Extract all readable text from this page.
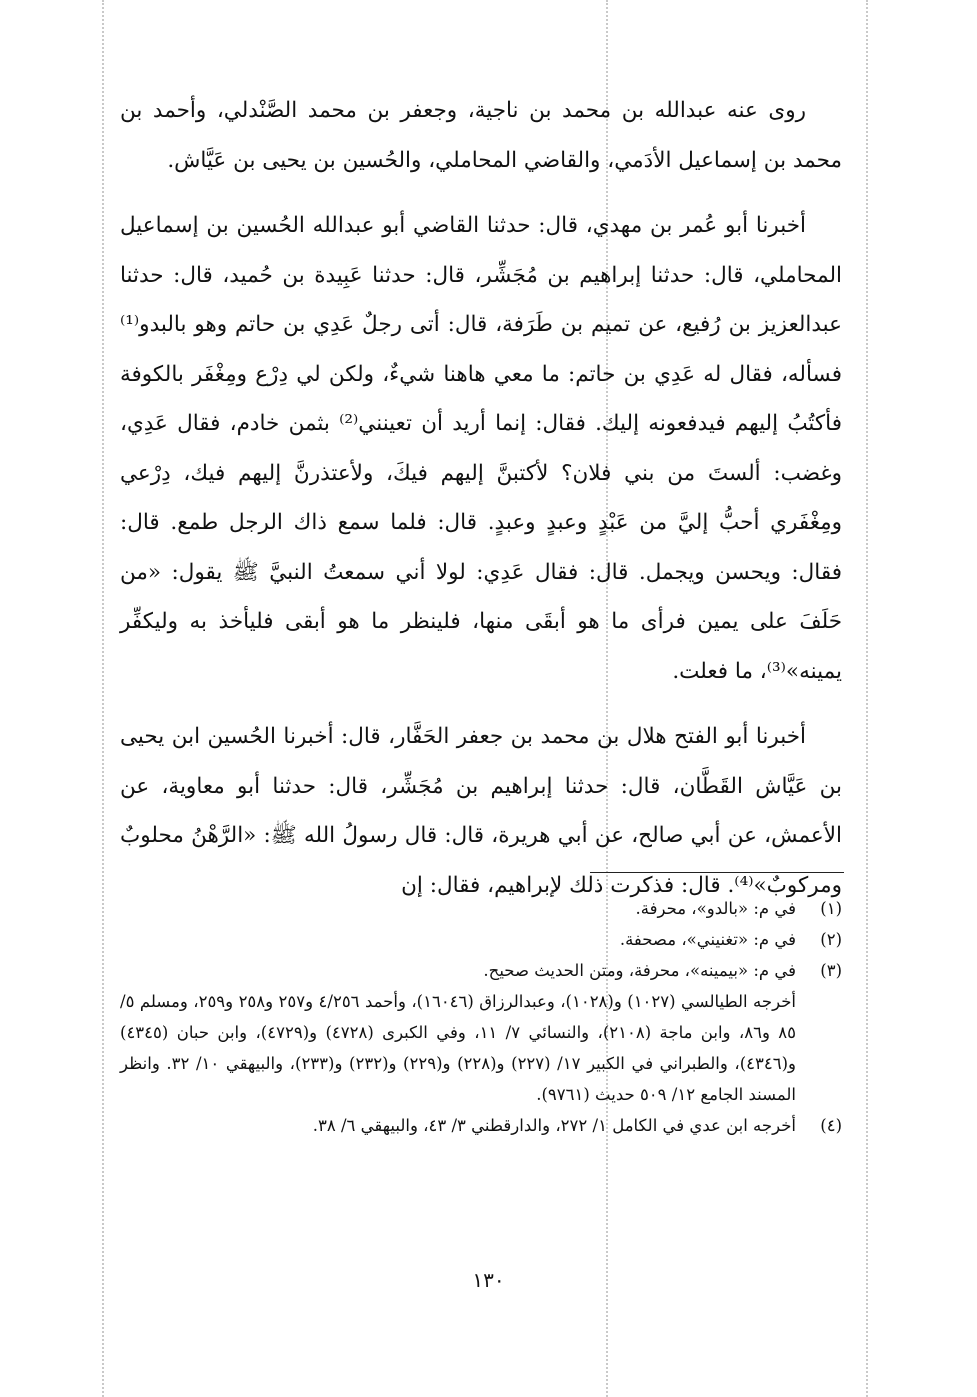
روى عنه عبدالله بن محمد بن ناجية، وجعفر بن محمد الصَّنْدلي، وأحمد بن محمد بن إسماعيل الأدَمي، والقاضي المحاملي، والحُسين بن يحيى بن عَيَّاش.

أخبرنا أبو عُمر بن مهدي، قال: حدثنا القاضي أبو عبدالله الحُسين بن إسماعيل المحاملي، قال: حدثنا إبراهيم بن مُجَشِّر، قال: حدثنا عَبِيدة بن حُميد، قال: حدثنا عبدالعزيز بن رُفيع، عن تميم بن طَرَفة، قال: أتى رجلٌ عَدِي بن حاتم وهو بالبدو⁽¹⁾ فسأله، فقال له عَدِي بن حاتم: ما معي هاهنا شيءٌ، ولكن لي دِرْع ومِغْفَر بالكوفة فأكتُبُ إليهم فيدفعونه إليك. فقال: إنما أريد أن تعينني⁽²⁾ بثمن خادم، فقال عَدِي، وغضب: ألستَ من بني فلان؟ لأكتبنَّ إليهم فيكَ، ولأعتذرنَّ إليهم فيك، دِرْعي ومِغْفَري أحبُّ إليَّ من عَبْدٍ وعبدٍ وعبدٍ. قال: فلما سمع ذاك الرجل طمع. قال: فقال: ويحسن ويجمل. قال: فقال عَدِي: لولا أني سمعتُ النبيَّ ﷺ يقول: «من حَلَفَ على يمين فرأى ما هو أبقَى منها، فلينظر ما هو أبقى فليأخذ به وليكفِّر يمينه»⁽³⁾، ما فعلت.

أخبرنا أبو الفتح هلال بن محمد بن جعفر الحَفَّار، قال: أخبرنا الحُسين ابن يحيى بن عَيَّاش القَطَّان، قال: حدثنا إبراهيم بن مُجَشِّر، قال: حدثنا أبو معاوية، عن الأعمش، عن أبي صالح، عن أبي هريرة، قال: قال رسولُ الله ﷺ: «الرَّهْنُ محلوبٌ ومركوبٌ»⁽⁴⁾. قال: فذكرت ذلك لإبراهيم، فقال: إن

(١)
في م: «بالدو»، محرفة.
(٢)
في م: «تغنيني»، مصحفة.
(٣)
في م: «بيمينه»، محرفة، ومتن الحديث صحيح.
أخرجه الطيالسي (١٠٢٧) و(١٠٢٨)، وعبدالرزاق (١٦٠٤٦)، وأحمد ٤/٢٥٦ و٢٥٧ و٢٥٨ و٢٥٩، ومسلم ٥/ ٨٥ و٨٦، وابن ماجة (٢١٠٨)، والنسائي ٧/ ١١، وفي الكبرى (٤٧٢٨) و(٤٧٢٩)، وابن حبان (٤٣٤٥) و(٤٣٤٦)، والطبراني في الكبير ١٧/ (٢٢٧) و(٢٢٨) و(٢٢٩) و(٢٣٢) و(٢٣٣)، والبيهقي ١٠/ ٣٢. وانظر المسند الجامع ١٢/ ٥٠٩ حديث (٩٧٦١).
(٤)
أخرجه ابن عدي في الكامل ١/ ٢٧٢، والدارقطني ٣/ ٤٣، والبيهقي ٦/ ٣٨.
١٣٠
